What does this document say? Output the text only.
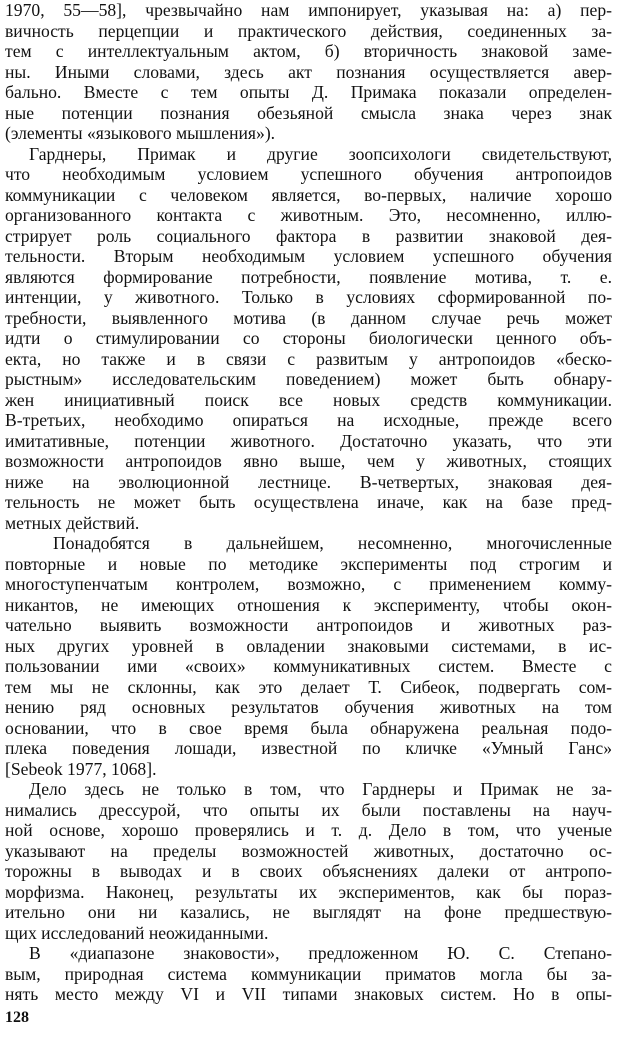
1970, 55—58], чрезвычайно нам импонирует, указывая на: а) пер-
вичность перцепции и практического действия, соединенных за-
тем с интеллектуальным актом, б) вторичность знаковой заме-
ны. Иными словами, здесь акт познания осуществляется авер-
бально. Вместе с тем опыты Д. Примака показали определен-
ные потенции познания обезьяной смысла знака через знак
(элементы «языкового мышления»).
Гарднеры, Примак и другие зоопсихологи свидетельствуют,
что необходимым условием успешного обучения антропоидов
коммуникации с человеком является, во-первых, наличие хорошо
организованного контакта с животным. Это, несомненно, иллю-
стрирует роль социального фактора в развитии знаковой дея-
тельности. Вторым необходимым условием успешного обучения
являются формирование потребности, появление мотива, т. е.
интенции, у животного. Только в условиях сформированной по-
требности, выявленного мотива (в данном случае речь может
идти о стимулировании со стороны биологически ценного объ-
екта, но также и в связи с развитым у антропоидов «беско-
рыстным» исследовательским поведением) может быть обнару-
жен инициативный поиск все новых средств коммуникации.
В-третьих, необходимо опираться на исходные, прежде всего
имитативные, потенции животного. Достаточно указать, что эти
возможности антропоидов явно выше, чем у животных, стоящих
ниже на эволюционной лестнице. В-четвертых, знаковая дея-
тельность не может быть осуществлена иначе, как на базе пред-
метных действий.
Понадобятся в дальнейшем, несомненно, многочисленные
повторные и новые по методике эксперименты под строгим и
многоступенчатым контролем, возможно, с применением комму-
никантов, не имеющих отношения к эксперименту, чтобы окон-
чательно выявить возможности антропоидов и животных раз-
ных других уровней в овладении знаковыми системами, в ис-
пользовании ими «своих» коммуникативных систем. Вместе с
тем мы не склонны, как это делает Т. Сибеок, подвергать сом-
нению ряд основных результатов обучения животных на том
основании, что в свое время была обнаружена реальная подо-
плека поведения лошади, известной по кличке «Умный Ганс»
[Sebeok 1977, 1068].
Дело здесь не только в том, что Гарднеры и Примак не за-
нимались дрессурой, что опыты их были поставлены на науч-
ной основе, хорошо проверялись и т. д. Дело в том, что ученые
указывают на пределы возможностей животных, достаточно ос-
торожны в выводах и в своих объяснениях далеки от антропо-
морфизма. Наконец, результаты их экспериментов, как бы пораз-
ительно они ни казались, не выглядят на фоне предшествую-
щих исследований неожиданными.
В «диапазоне знаковости», предложенном Ю. С. Степано-
вым, природная система коммуникации приматов могла бы за-
нять место между VI и VII типами знаковых систем. Но в опы-
128
